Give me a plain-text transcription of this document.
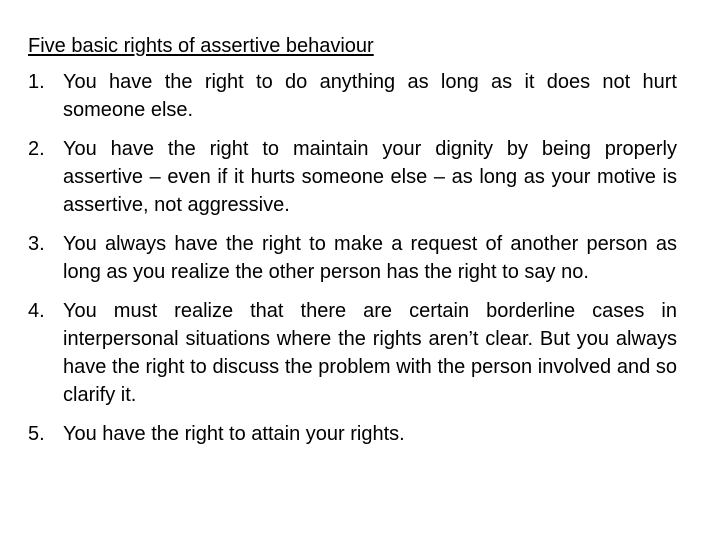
Five basic rights of assertive behaviour
1. You have the right to do anything as long as it does not hurt someone else.
2. You have the right to maintain your dignity by being properly assertive – even if it hurts someone else – as long as your motive is assertive, not aggressive.
3. You always have the right to make a request of another person as long as you realize the other person has the right to say no.
4. You must realize that there are certain borderline cases in interpersonal situations where the rights aren’t clear. But you always have the right to discuss the problem with the person involved and so clarify it.
5. You have the right to attain your rights.
